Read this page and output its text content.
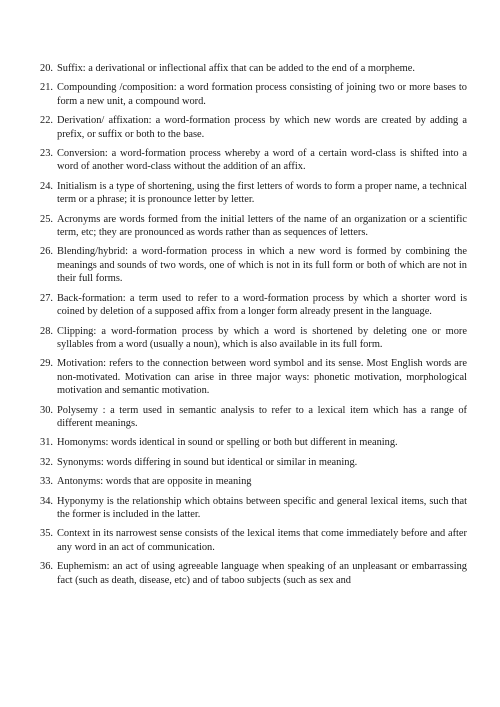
20. Suffix: a derivational or inflectional affix that can be added to the end of a morpheme.
21. Compounding /composition: a word formation process consisting of joining two or more bases to form a new unit, a compound word.
22. Derivation/ affixation: a word-formation process by which new words are created by adding a prefix, or suffix or both to the base.
23. Conversion: a word-formation process whereby a word of a certain word-class is shifted into a word of another word-class without the addition of an affix.
24. Initialism is a type of shortening, using the first letters of words to form a proper name, a technical term or a phrase; it is pronounce letter by letter.
25. Acronyms are words formed from the initial letters of the name of an organization or a scientific term, etc; they are pronounced as words rather than as sequences of letters.
26. Blending/hybrid: a word-formation process in which a new word is formed by combining the meanings and sounds of two words, one of which is not in its full form or both of which are not in their full forms.
27. Back-formation: a term used to refer to a word-formation process by which a shorter word is coined by deletion of a supposed affix from a longer form already present in the language.
28. Clipping: a word-formation process by which a word is shortened by deleting one or more syllables from a word (usually a noun), which is also available in its full form.
29. Motivation: refers to the connection between word symbol and its sense. Most English words are non-motivated. Motivation can arise in three major ways: phonetic motivation, morphological motivation and semantic motivation.
30. Polysemy : a term used in semantic analysis to refer to a lexical item which has a range of different meanings.
31. Homonyms: words identical in sound or spelling or both but different in meaning.
32. Synonyms: words differing in sound but identical or similar in meaning.
33. Antonyms: words that are opposite in meaning
34. Hyponymy is the relationship which obtains between specific and general lexical items, such that the former is included in the latter.
35. Context in its narrowest sense consists of the lexical items that come immediately before and after any word in an act of communication.
36. Euphemism: an act of using agreeable language when speaking of an unpleasant or embarrassing fact (such as death, disease, etc) and of taboo subjects (such as sex and
